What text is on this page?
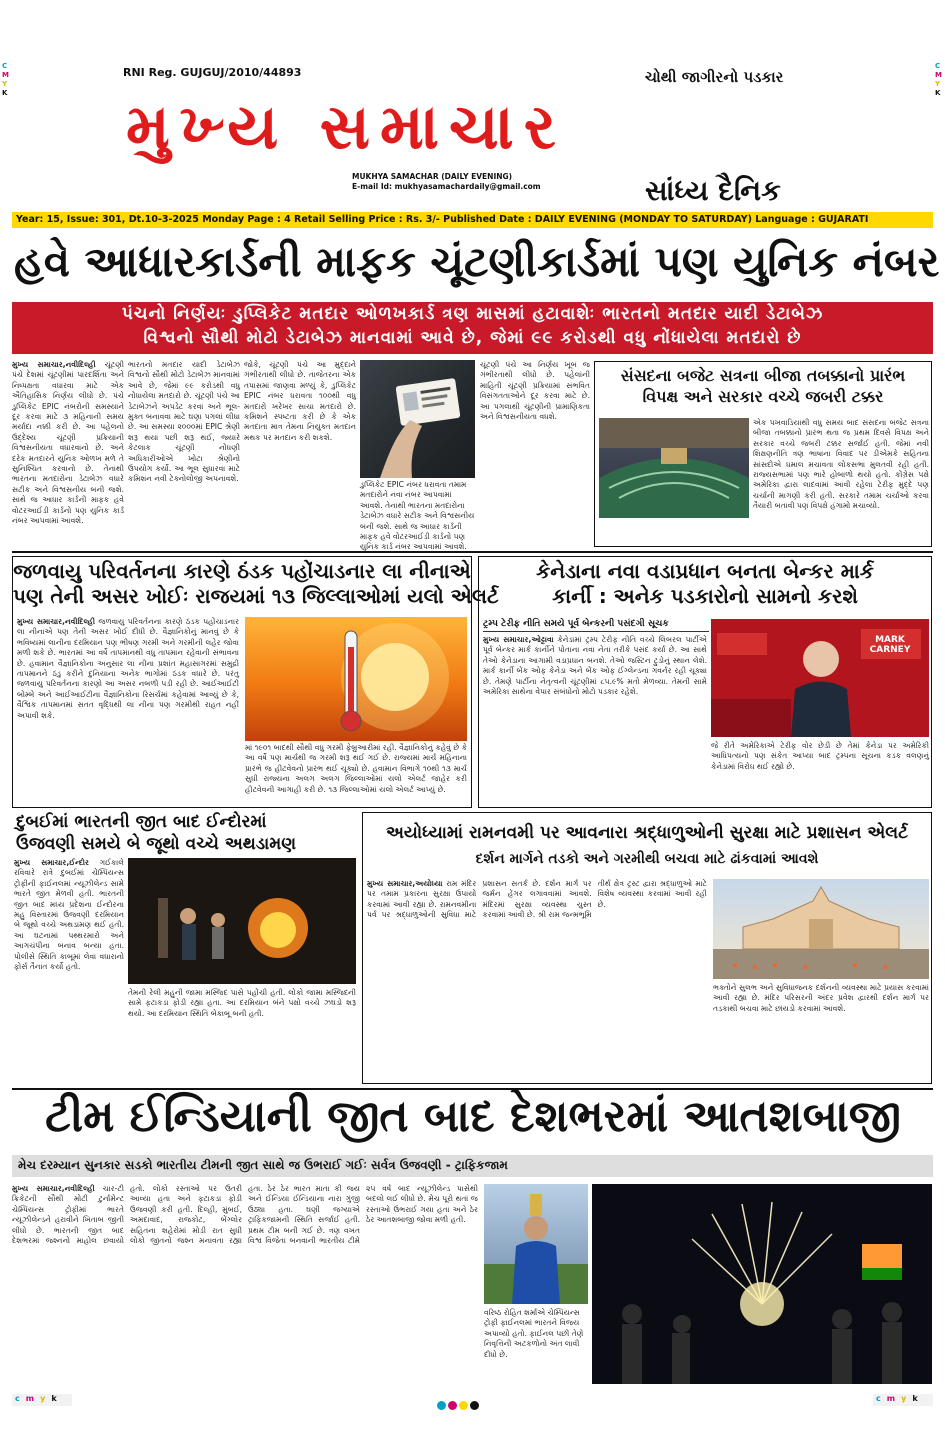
C
M
Y
K
C
M
Y
K
RNI Reg. GUJGUJ/2010/44893	ચોથી જાગીરનો પડકાર
મુખ્ય સમાચાર
MUKHYA SAMACHAR (DAILY EVENING)
E-mail Id: mukhyasamachardaily@gmail.com	સાંધ્ય દૈનિક
Year: 15, Issue: 301, Dt.10-3-2025 Monday Page : 4 Retail Selling Price : Rs. 3/- Published Date : DAILY EVENING (MONDAY TO SATURDAY) Language : GUJARATI
હવે આધારકાર્ડની માફક ચૂંટણીકાર્ડમાં પણ યુનિક નંબર
પંચનો નિર્ણયઃ ડુપ્લિકેટ મતદાર ઓળખકાર્ડ ત્રણ માસમાં હટાવાશેઃ ભારતનો મતદાર યાદી ડેટાબેઝ
વિશ્વનો સૌથી મોટો ડેટાબેઝ માનવામાં આવે છે, જેમાં ૯૯ કરોડથી વધુ નોંધાયેલા મતદારો છે
મુખ્ય સમાચાર,નવીદિલ્હી ચૂંટણી પંચે દેશમાં ચૂંટણીમાં પારદર્શિતા અને નિષ્પક્ષતા વધારવા માટે એક ઐતિહાસિક નિર્ણય લીધો છે. પંચે ડુપ્લિકેટ EPIC નંબરોની સમસ્યાને દૂર કરવા માટે ૩ મહિનાની સમય મર્યાદા નક્કી કરી છે. આ પહેલનો ઉદ્દેશ્ય ચૂંટણી પ્રક્રિયાની વિશ્વસનીયતા વધારવાનો છે. અને દરેક મતદારને યુનિક ઓળખ મળે તે સુનિશ્ચિત કરવાનો છે. તેનાથી ભારતના મતદારોના ડેટાબેઝ વધારે સટીક અને વિશ્વસનીય બની જશે. સાથે જ આધાર કાર્ડની માફક હવે વોટરઆઈડી કાર્ડનો પણ યુનિક કાર્ડ નંબર આપવામાં આવશે.
ભારતનો મતદાર યાદી ડેટાબેઝ વિશ્વનો સૌથી મોટો ડેટાબેઝ માનવામાં આવે છે, જેમાં ૯૯ કરોડથી વધુ નોંધાયેલા મતદારો છે. ચૂંટણી પંચે આ ડેટાબેઝને અપડેટ કરવા અને ભૂલ-મુક્ત બનાવવા માટે ઘણા પગલાં લીધા છે. આ સમસ્યા ૨૦૦૦માં EPIC શ્રેણી શરૂ થયા પછી શરૂ થઈ, જ્યારે કેટલાક ચૂંટણી નોંધણી અધિકારીઓએ ખોટા શ્રેણીનો ઉપયોગ કર્યો. આ ભૂલ સુધારવા માટે કમિશન નવી ટેક્નોલોજી અપનાવશે.
જોકે, ચૂંટણી પંચે આ મુદ્દાને ગંભીરતાથી લીધો છે. તાજેતરના એક તપાસમાં જાણવા મળ્યું કે, ડુપ્લિકેટ EPIC નંબર ધરાવતા ૧૦૦થી વધુ મતદારો ખરેખર સાચા મતદારો છે. કમિશને સ્પષ્ટતા કરી છે કે એક મતદાતા માત્ર તેમના નિયુક્ત મતદાન મથક પર મતદાન કરી શકશે.
ડુપ્લિકેટ EPIC નંબર ધરાવતા તમામ મતદારોને નવા નંબર આપવામાં આવશે. તેનાથી ભારતના મતદારોના ડેટાબેઝ વધારે સટીક અને વિશ્વસનીય બની જશે. સાથે જ આધાર કાર્ડની માફક હવે વોટરઆઈડી કાર્ડનો પણ યુનિક કાર્ડ નંબર આપવામાં આવશે.
ચૂંટણી પંચે આ નિર્ણય ખૂબ જ ગંભીરતાથી લીધો છે. પહેલાંની માહિતી ચૂંટણી પ્રક્રિયામાં સંભવિત વિસંગતતાઓને દૂર કરવા માટે છે. આ પગલાથી ચૂંટણીની પ્રામાણિકતા અને વિશ્વસનીયતા વધશે.
સંસદના બજેટ સત્રના બીજા તબક્કાનો પ્રારંભ
વિપક્ષ અને સરકાર વચ્ચે જબરી ટક્કર
એક પખવાડિયાથી વધુ સમય બાદ સંસદના બજેટ સત્રના બીજા તબક્કાનો પ્રારંભ થતા જ પ્રથમ દિવસે વિપક્ષ અને સરકાર વચ્ચે જબરી ટક્કર સર્જાઈ હતી. જેમાં નવી શિક્ષણનીતિ ત્રણ ભાષાના વિવાદ પર ડીએમકે સહિતના સાંસદોએ ધમાલ મચાવતા લોકસભા મુલતવી રહી હતી. રાજ્યસભામાં પણ ભારે હોબાળો થયો હતો. કોંગ્રેસ પક્ષે અમેરિકા દ્વારા લાદવામાં આવી રહેલા ટેરીફ મુદ્દે પણ ચર્ચાની માગણી કરી હતી. સરકારે તમામ ચર્ચાઓ કરવા તૈયારી બતાવી પણ વિપક્ષે હંગામો મચાવ્યો.
જળવાયુ પરિવર્તનના કારણે ઠંડક પહોંચાડનાર લા નીનાએ
પણ તેની અસર ખોઈઃ રાજયમાં ૧૩ જિલ્લાઓમાં યલો એલર્ટ
મુખ્ય સમાચાર,નવીદિલ્હી જળવાયુ પરિવર્તનના કારણે ઠંડક પહોંચાડનાર લા નીનાએ પણ તેની અસર ખોઈ દીધી છે. વૈજ્ઞાનિકોનું માનવું છે કે ભવિષ્યમાં લાનીના દરમિયાન પણ ભીષણ ગરમી અને ગરમીની લહેર જોવા મળી શકે છે. ભારતમાં આ વર્ષે તાપમાનથી વધુ તાપમાન રહેવાની સંભાવના છે. હવામાન વૈજ્ઞાનિકોના અનુસાર લા નીના પ્રશાંત મહાસાગરમાં સમુદ્રી તાપમાનને ઠંડુ કરીને દુનિયાના અનેક ભાગોમાં ઠંડક વધારે છે. પરંતુ જળવાયુ પરિવર્તનના કારણો આ અસર નબળી પડી રહી છે. આઈઆઈટી બોમ્બે અને આઈઆઈટીના વૈજ્ઞાનિકોના રિસર્ચમાં કહેવામાં આવ્યું છે કે, વૈશ્વિક તાપમાનમાં સતત વૃદ્ધિથી લા નીના પણ ગરમીથી રાહત નહીં અપાવી શકે.
માં ૧૯૦૧ બાદથી સૌથી વધુ ગરમી ફેબ્રુઆરીમાં રહી. વૈજ્ઞાનિકોનું કહેવું છે કે આ વર્ષે પણ માર્ચથી જ ગરમી શરૂ થઈ ગઈ છે. રાજ્યમાં માર્ચ મહિનાના પ્રારંભે જ હીટવેવનો પ્રારંભ થઈ ચૂક્યો છે. હવામાન વિભાગે ૧૦થી ૧૩ માર્ચ સુધી રાજ્યના અલગ અલગ જિલ્લાઓમાં યલો એલર્ટ જાહેર કરી હીટવેવની આગાહી કરી છે. ૧૩ જિલ્લાઓમાં યલો એલર્ટ આપ્યું છે.
કેનેડાના નવા વડાપ્રધાન બનતા બેન્કર માર્ક
કાર્ની : અનેક પડકારોનો સામનો કરશે
ટ્રમ્પ ટેરીફ નીતિ સમયે પૂર્વ બેન્કરની પસંદગી સૂચક
મુખ્ય સમાચાર,ઓટ્ટાવા કેનેડામાં ટ્રમ્પ ટેરીફ નીતિ વચ્ચે લિબરલ પાર્ટીએ પૂર્વ બેન્કર માર્ક કાર્નીને પોતાના નવા નેતા તરીકે પસંદ કર્યા છે. આ સાથે તેઓ કેનેડાના આગામી વડાપ્રધાન બનશે. તેઓ જસ્ટિન ટ્રુડોનું સ્થાન લેશે. માર્ક કાર્ની બેંક ઓફ કેનેડા અને બેંક ઓફ ઈંગ્લેન્ડના ગવર્નર રહી ચૂક્યા છે. તેમણે પાર્ટીના નેતૃત્વની ચૂંટણીમાં ૮૫.૯% મતો મેળવ્યા. તેમની સામે અમેરિકા સાથેના વેપાર સંબંધોનો મોટો પડકાર રહેશે.
MARK CARNEY
જે રીતે અમેરિકાએ ટેરીફ વોર છેડી છે તેમાં કેનેડા પર અમેરિકી આધિપત્યનો પણ સંકેત આપ્યા બાદ ટ્રમ્પના સૂચના કડક વલણનું કેનેડામાં વિરોધ થઈ રહ્યો છે.
દુબઈમાં ભારતની જીત બાદ ઈન્દોરમાં
ઉજવણી સમયે બે જૂથો વચ્ચે અથડામણ
મુખ્ય સમાચાર,ઈન્દોર ગઈકાલે રવિવારે રાત્રે દુબઈમાં ચેમ્પિયન્સ ટ્રોફીની ફાઈનલમાં ન્યૂઝીલેન્ડ સામે ભારતે જીત મેળવી હતી. ભારતની જીત બાદ મધ્ય પ્રદેશના ઈન્દોરના મહુ વિસ્તારમાં ઉજવણી દરમિયાન બે જૂથો વચ્ચે અથડામણ થઈ હતી. આ ઘટનામાં પથ્થરમારો અને આગચંપીના બનાવ બન્યા હતા. પોલીસે સ્થિતિ કાબૂમાં લેવા વધારાનો ફોર્સ તૈનાત કર્યો હતો.
તેમની રેલી મહુની જામા મસ્જિદ પાસે પહોંચી હતી. લોકો જામા મસ્જિદની સામે ફટાકડા ફોડી રહ્યા હતા. આ દરમિયાન બંને પક્ષો વચ્ચે ઝઘડો શરૂ થયો. આ દરમિયાન સ્થિતિ બેકાબૂ બની હતી.
અયોધ્યામાં રામનવમી પર આવનારા શ્રદ્ધાળુઓની સુરક્ષા માટે પ્રશાસન એલર્ટ
દર્શન માર્ગને તડકો અને ગરમીથી બચવા માટે ઢાંકવામાં આવશે
મુખ્ય સમાચાર,અયોધ્યા રામ મંદિર પર તમામ પ્રકારના સુરક્ષા ઉપાયો કરવામાં આવી રહ્યા છે. રામનવમીના પર્વ પર શ્રદ્ધાળુઓની સુવિધા માટે પ્રશાસન સતર્ક છે. દર્શન માર્ગ પર જર્મન હેંગર લગાવવામાં આવશે. મંદિરમાં સુરક્ષા વ્યવસ્થા ચુસ્ત કરવામાં આવી છે. શ્રી રામ જન્મભૂમિ તીર્થ ક્ષેત્ર ટ્રસ્ટ દ્વારા શ્રદ્ધાળુઓ માટે વિશેષ વ્યવસ્થા કરવામાં આવી રહી છે.
ભક્તોને સુલભ અને સુવિધાજનક દર્શનની વ્યવસ્થા માટે પ્રયાસ કરવામાં આવી રહ્યા છે. મંદિર પરિસરની અંદર પ્રવેશ દ્વારથી દર્શન માર્ગ પર તડકાથી બચવા માટે છાંયડો કરવામાં આવશે.
ટીમ ઈન્ડિયાની જીત બાદ દેશભરમાં આતશબાજી
મેચ દરમ્યાન સુનકાર સડકો ભારતીય ટીમની જીત સાથે જ ઉભરાઈ ગઈઃ સર્વત્ર ઉજવણી - ટ્રાફિકજામ
મુખ્ય સમાચાર,નવીદિલ્હી ચાર-ટી ક્રિકેટની સૌથી મોટી ટુર્નામેન્ટ ચેમ્પિયન્સ ટ્રોફીમાં ભારતે ન્યૂઝીલેન્ડને હરાવીને ખિતાબ જીતી લીધો છે. ભારતની જીત બાદ દેશભરમાં જશ્નનો માહોલ છવાયો હતો. લોકો રસ્તાઓ પર ઉતરી આવ્યા હતા અને ફટાકડા ફોડી ઉજવણી કરી હતી. દિલ્હી, મુંબઈ, અમદાવાદ, રાજકોટ, બેંગ્લોર સહિતના શહેરોમાં મોડી રાત સુધી લોકો જીતનો જશ્ન મનાવતા રહ્યા હતા. ઠેર ઠેર ભારત માતા કી જય અને ઈન્ડિયા ઈન્ડિયાના નારા ગુંજી ઉઠ્યા હતા. ઘણી જગ્યાએ ટ્રાફિકજામની સ્થિતિ સર્જાઈ હતી. પ્રથમ ટીમ બની ગઈ છે. ત્રણ વખત વિશ્વ વિજેતા બનવાની ભારતીય ટીમે ૨૫ વર્ષ બાદ ન્યૂઝીલેન્ડ પાસેથી બદલો લઈ લીધો છે. મેચ પૂરો થતાં જ રસ્તાઓ ઉભરાઈ ગયા હતા અને ઠેર ઠેર આતશબાજી જોવા મળી હતી.
વરિષ્ઠ રોહિત શર્માએ ચેમ્પિયન્સ ટ્રોફી ફાઈનલમાં ભારતને વિજય અપાવ્યો હતો. ફાઈનલ પછી તેણે નિવૃત્તિની અટકળોનો અંત લાવી દીધો છે.
c m y k	c m y k
